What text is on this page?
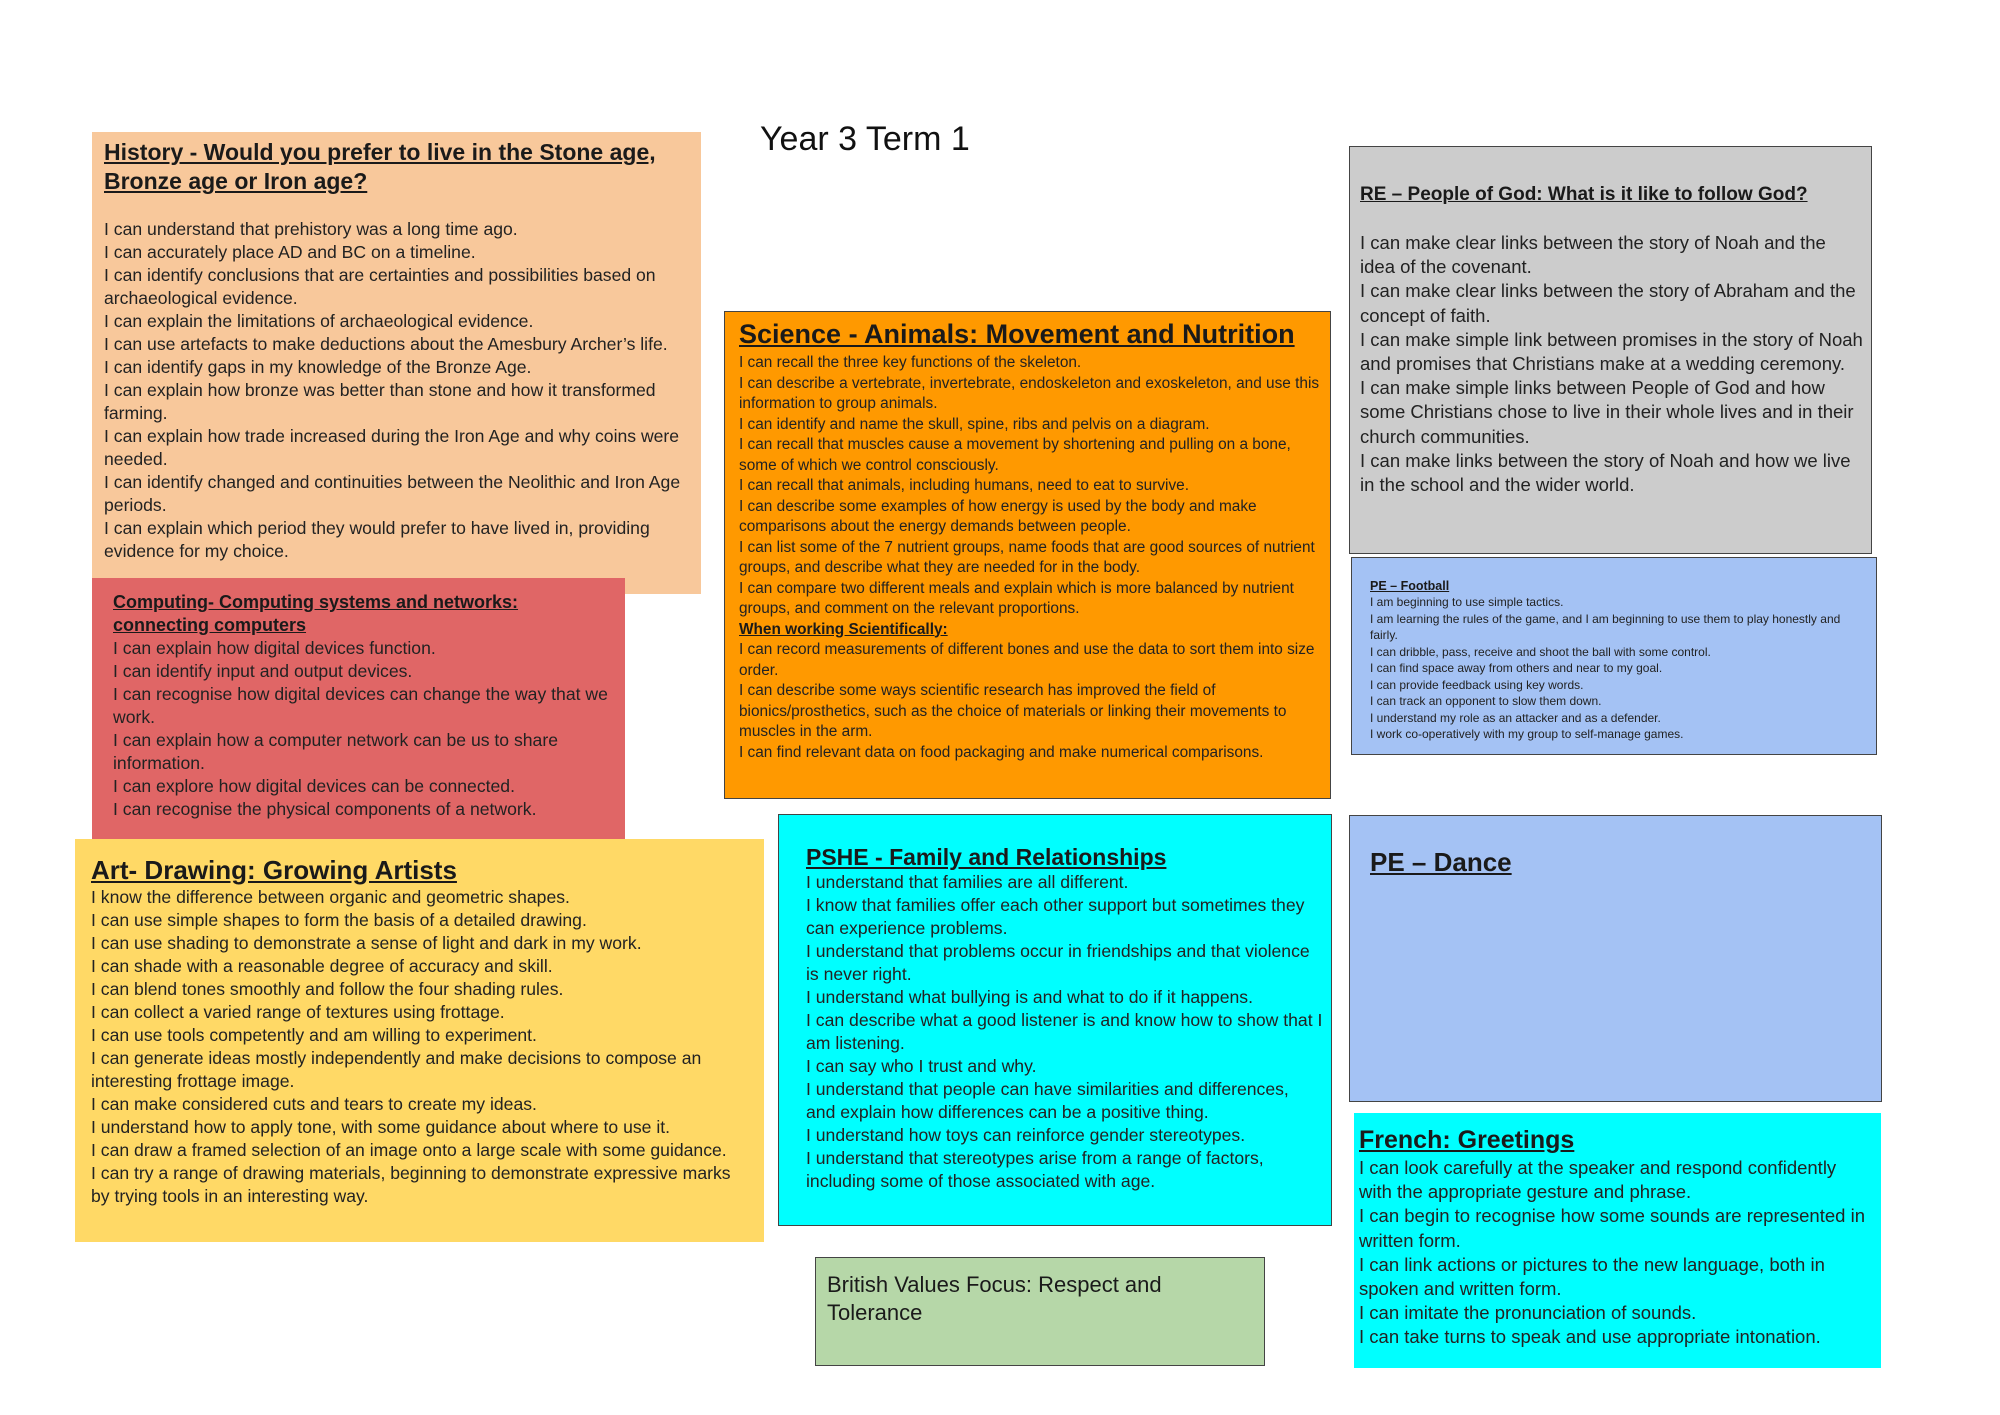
Year 3 Term 1
History - Would you prefer to live in the Stone age, Bronze age or Iron age?
I can understand that prehistory was a long time ago.
I can accurately place AD and BC on a timeline.
I can identify conclusions that are certainties and possibilities based on archaeological evidence.
I can explain the limitations of archaeological evidence.
I can use artefacts to make deductions about the Amesbury Archer’s life.
I can identify gaps in my knowledge of the Bronze Age.
I can explain how bronze was better than stone and how it transformed farming.
I can explain how trade increased during the Iron Age and why coins were needed.
I can identify changed and continuities between the Neolithic and Iron Age periods.
I can explain which period they would prefer to have lived in, providing evidence for my choice.
Computing- Computing systems and networks: connecting computers
I can explain how digital devices function.
I can identify input and output devices.
I can recognise how digital devices can change the way that we work.
I can explain how a computer network can be us to share information.
I can explore how digital devices can be connected.
I can recognise the physical components of a network.
Science - Animals: Movement and Nutrition
I can recall the three key functions of the skeleton.
I can describe a vertebrate, invertebrate, endoskeleton and exoskeleton, and use this information to group animals.
I can identify and name the skull, spine, ribs and pelvis on a diagram.
I can recall that muscles cause a movement by shortening and pulling on a bone, some of which we control consciously.
I can recall that animals, including humans, need to eat to survive.
I can describe some examples of how energy is used by the body and make comparisons about the energy demands between people.
I can list some of the 7 nutrient groups, name foods that are good sources of nutrient groups, and describe what they are needed for in the body.
I can compare two different meals and explain which is more balanced by nutrient groups, and comment on the relevant proportions.
When working Scientifically:
I can record measurements of different bones and use the data to sort them into size order.
I can describe some ways scientific research has improved the field of bionics/prosthetics, such as the choice of materials or linking their movements to muscles in the arm.
I can find relevant data on food packaging and make numerical comparisons.
RE – People of God: What is it like to follow God?
I can make clear links between the story of Noah and the idea of the covenant.
I can make clear links between the story of Abraham and the concept of faith.
I can make simple link between promises in the story of Noah and promises that Christians make at a wedding ceremony.
I can make simple links between People of God and how some Christians chose to live in their whole lives and in their church communities.
I can make links between the story of Noah and how we live in the school and the wider world.
PE – Football
I am beginning to use simple tactics.
I am learning the rules of the game, and I am beginning to use them to play honestly and fairly.
I can dribble, pass, receive and shoot the ball with some control.
I can find space away from others and near to my goal.
I can provide feedback using key words.
I can track an opponent to slow them down.
I understand my role as an attacker and as a defender.
I work co-operatively with my group to self-manage games.
Art- Drawing: Growing Artists
I know the difference between organic and geometric shapes.
I can use simple shapes to form the basis of a detailed drawing.
I can use shading to demonstrate a sense of light and dark in my work.
I can shade with a reasonable degree of accuracy and skill.
I can blend tones smoothly and follow the four shading rules.
I can collect a varied range of textures using frottage.
I can use tools competently and am willing to experiment.
I can generate ideas mostly independently and make decisions to compose an interesting frottage image.
I can make considered cuts and tears to create my ideas.
I understand how to apply tone, with some guidance about where to use it.
I can draw a framed selection of an image onto a large scale with some guidance.
I can try a range of drawing materials, beginning to demonstrate expressive marks by trying tools in an interesting way.
PSHE - Family and Relationships
I understand that families are all different.
I know that families offer each other support but sometimes they can experience problems.
I understand that problems occur in friendships and that violence is never right.
I understand what bullying is and what to do if it happens.
I can describe what a good listener is and know how to show that I am listening.
I can say who I trust and why.
I understand that people can have similarities and differences, and explain how differences can be a positive thing.
I understand how toys can reinforce gender stereotypes.
I understand that stereotypes arise from a range of factors, including some of those associated with age.
PE – Dance
French: Greetings
I can look carefully at the speaker and respond confidently with the appropriate gesture and phrase.
I can begin to recognise how some sounds are represented in written form.
I can link actions or pictures to the new language, both in spoken and written form.
I can imitate the pronunciation of sounds.
I can take turns to speak and use appropriate intonation.

British Values Focus: Respect and Tolerance
